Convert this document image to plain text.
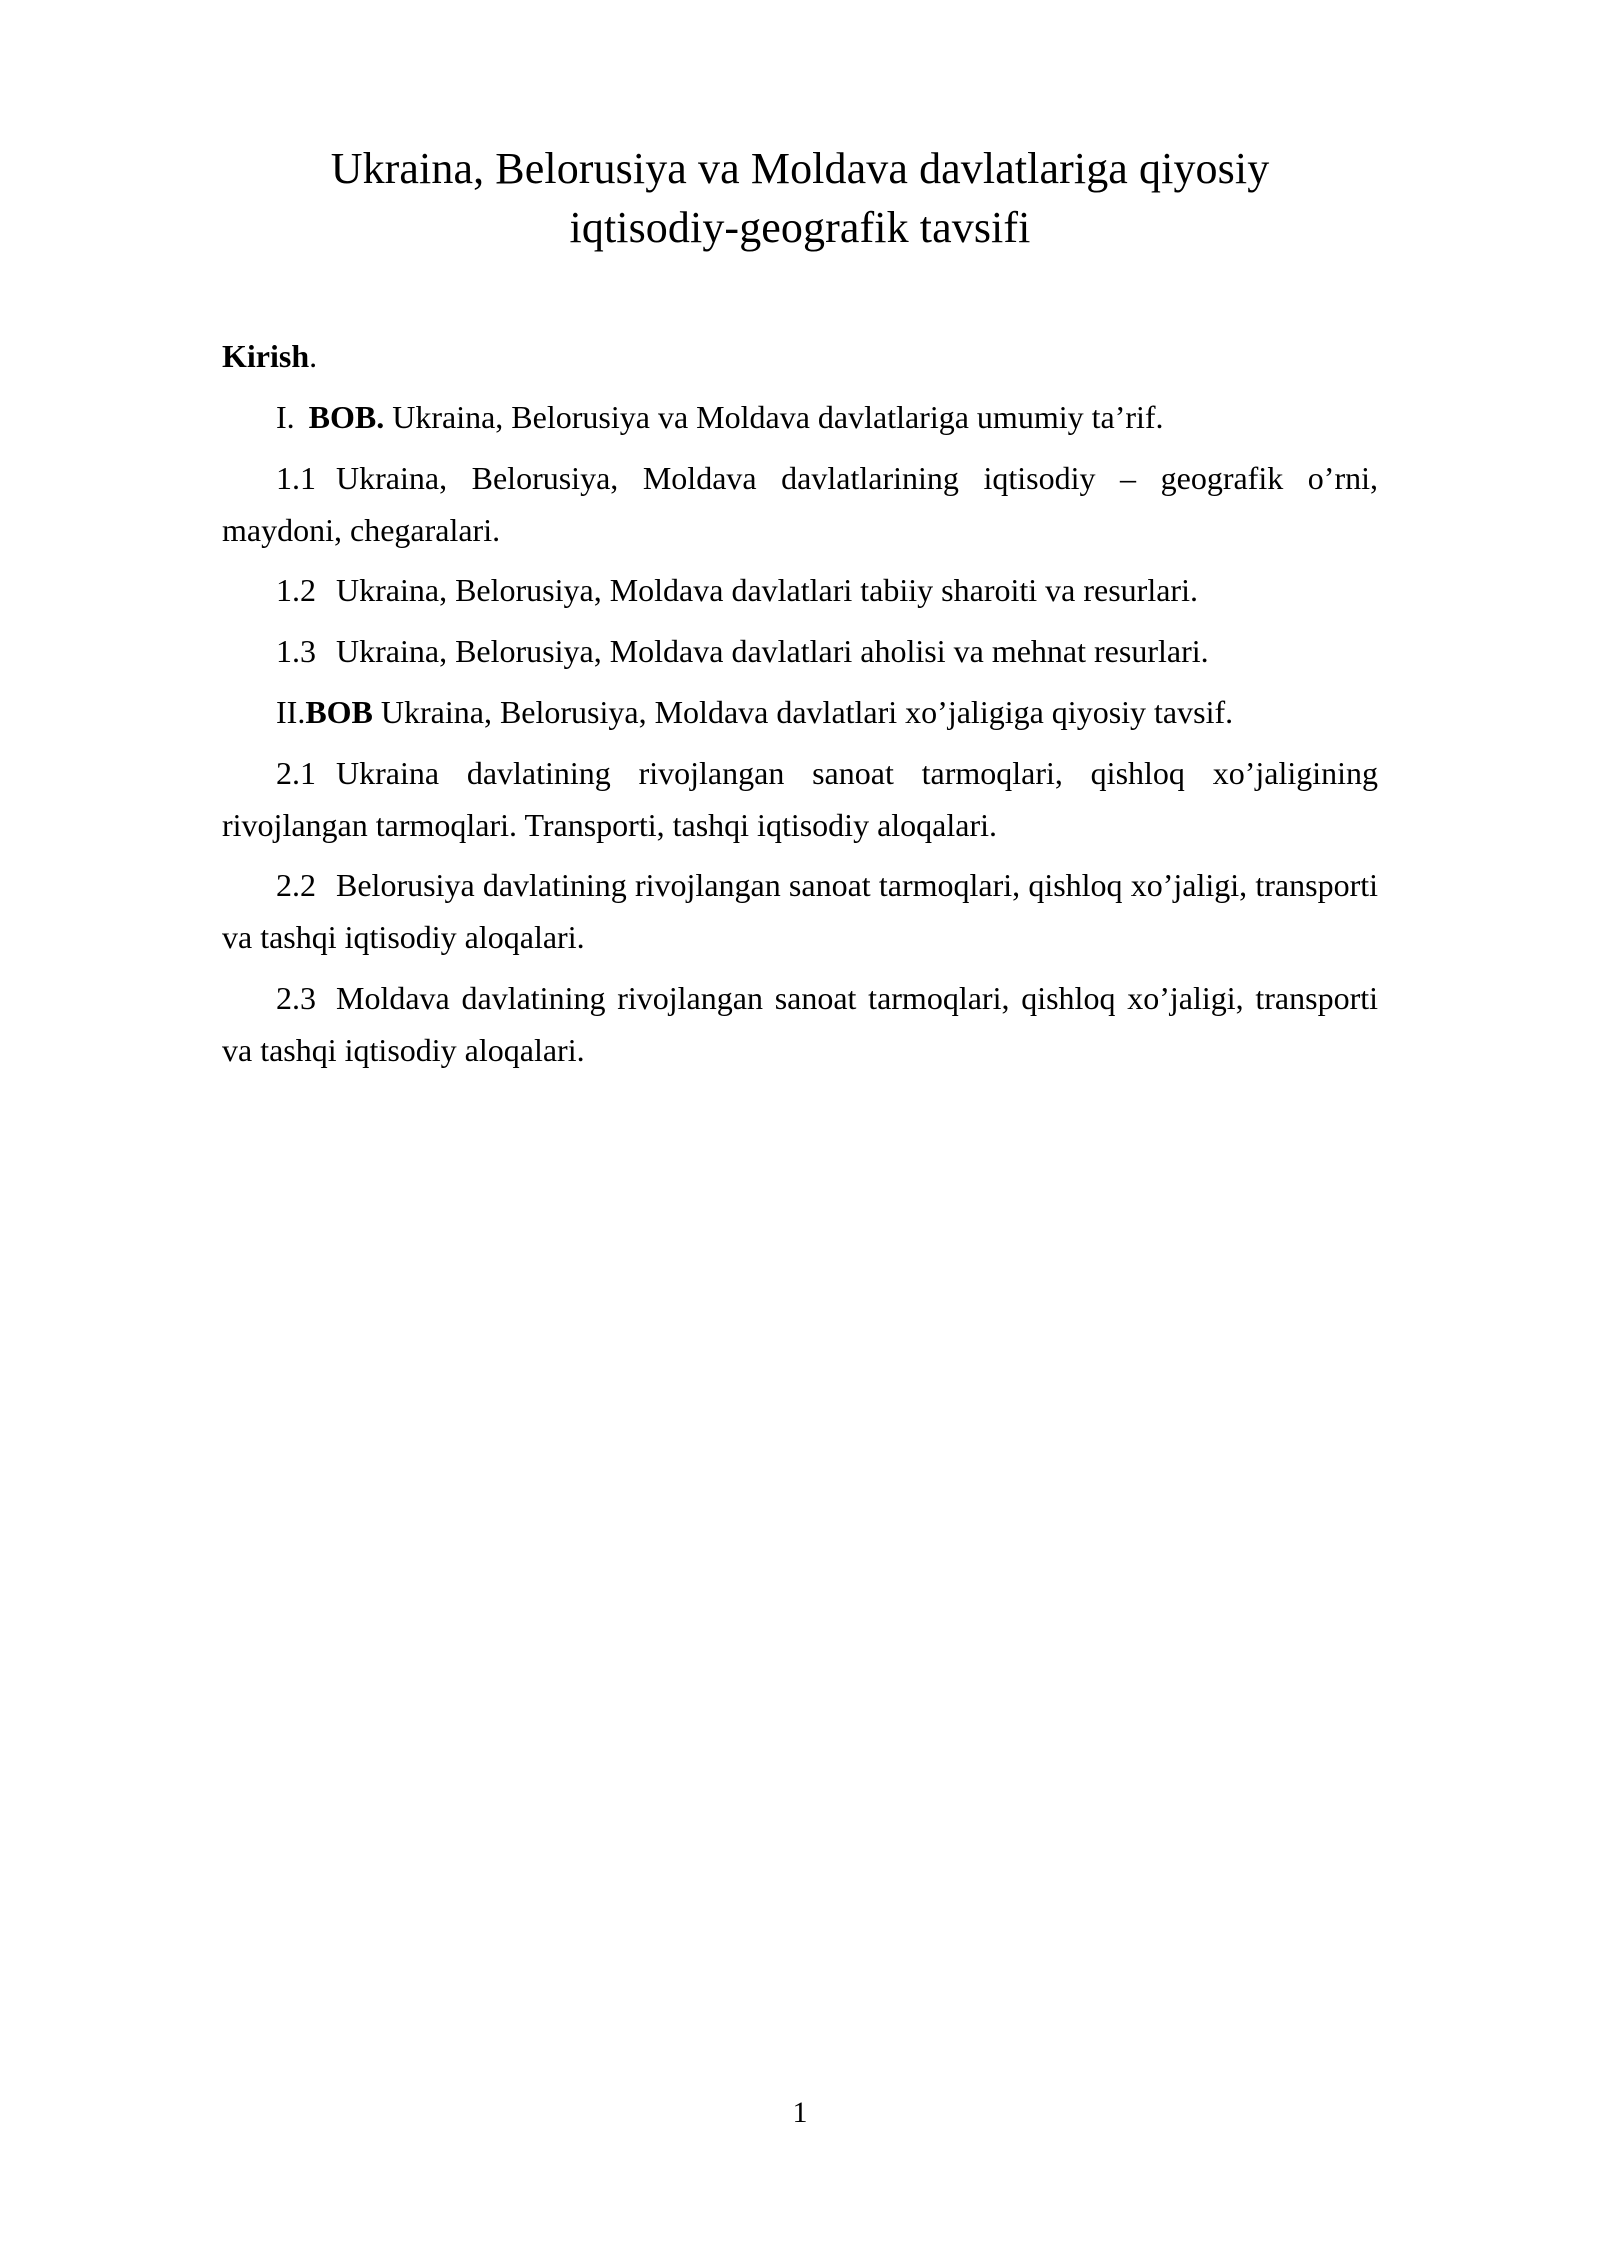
Ukraina, Belorusiya va Moldava davlatlariga qiyosiy iqtisodiy-geografik tavsifi

Kirish.

I. BOB. Ukraina, Belorusiya va Moldava davlatlariga umumiy ta’rif.

1.1 Ukraina, Belorusiya, Moldava davlatlarining iqtisodiy – geografik o’rni, maydoni, chegaralari.

1.2 Ukraina, Belorusiya, Moldava davlatlari tabiiy sharoiti va resurlari.

1.3 Ukraina, Belorusiya, Moldava davlatlari aholisi va mehnat resurlari.

II.BOB Ukraina, Belorusiya, Moldava davlatlari xo’jaligiga qiyosiy tavsif.

2.1 Ukraina davlatining rivojlangan sanoat tarmoqlari, qishloq xo’jaligining rivojlangan tarmoqlari. Transporti, tashqi iqtisodiy aloqalari.

2.2 Belorusiya davlatining rivojlangan sanoat tarmoqlari, qishloq xo’jaligi, transporti va tashqi iqtisodiy aloqalari.

2.3 Moldava davlatining rivojlangan sanoat tarmoqlari, qishloq xo’jaligi, transporti va tashqi iqtisodiy aloqalari.

1
